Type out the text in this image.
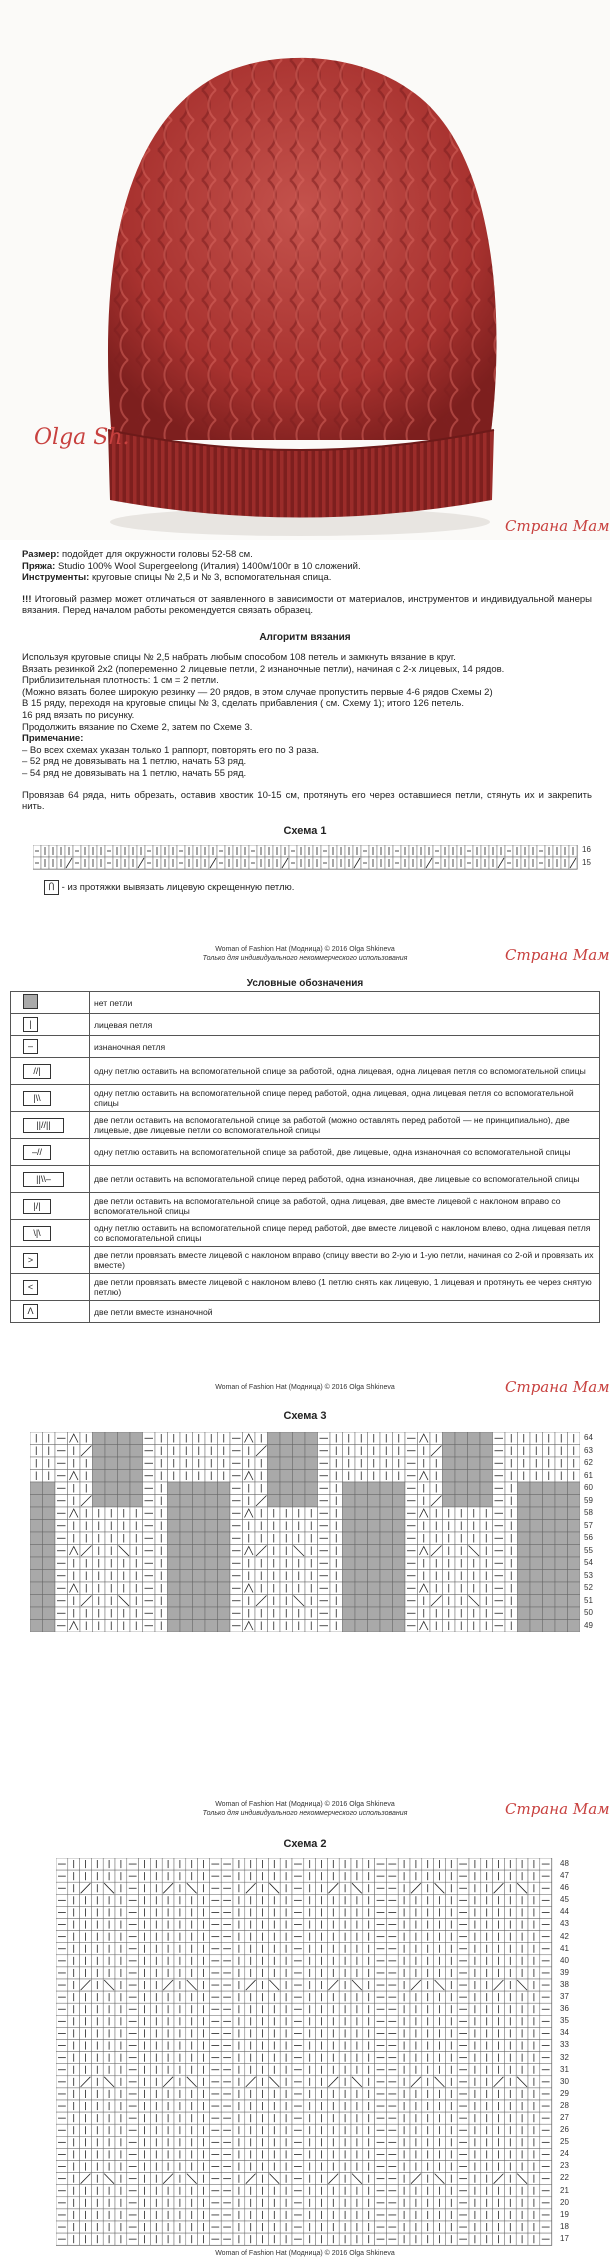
Olga Sh.
Страна Мам
Размер: подойдет для окружности головы 52-58 см.
Пряжа: Studio 100% Wool Supergeelong (Италия) 1400м/100г в 10 сложений.
Инструменты: круговые спицы № 2,5 и № 3, вспомогательная спица.
!!! Итоговый размер может отличаться от заявленного в зависимости от материалов, инструментов и индивидуальной манеры вязания. Перед началом работы рекомендуется связать образец.
Алгоритм вязания
Используя круговые спицы № 2,5 набрать любым способом 108 петель и замкнуть вязание в круг.
Вязать резинкой 2х2 (попеременно 2 лицевые петли, 2 изнаночные петли), начиная с 2-х лицевых, 14 рядов.
Приблизительная плотность: 1 см = 2 петли.
(Можно вязать более широкую резинку — 20 рядов, в этом случае пропустить первые 4-6 рядов Схемы 2)
В 15 ряду, переходя на круговые спицы № 3, сделать прибавления ( см. Схему 1); итого 126 петель.
16 ряд вязать по рисунку.
Продолжить вязание по Схеме 2, затем по Схеме 3.
Примечание:
– Во всех схемах указан только 1 раппорт, повторять его по 3 раза.
– 52 ряд не довязывать на 1 петлю, начать 53 ряд.
– 54 ряд не довязывать на 1 петлю, начать 55 ряд.
Провязав 64 ряда, нить обрезать, оставив хвостик 10-15 см, протянуть его через оставшиеся петли, стянуть их и закрепить нить.
Схема 1
16
15
Ⴖ - из протяжки вывязать лицевую скрещенную петлю.
Woman of Fashion Hat (Модница) © 2016 Olga Shkineva
Только для индивидуального некоммерческого использования	Страна Мам
Условные обозначения
	нет петли
|	лицевая петля
–	изнаночная петля
//|	одну петлю оставить на вспомогательной спице за работой, одна лицевая, одна лицевая петля со вспомогательной спицы
|\\	одну петлю оставить на вспомогательной спице перед работой, одна лицевая, одна лицевая петля со вспомогательной спицы
||//||	две петли оставить на вспомогательной спице за работой (можно оставлять перед работой — не принципиально), две лицевые, две лицевые петли со вспомогательной спицы
–//	одну петлю оставить на вспомогательной спице за работой, две лицевые, одна изнаночная со вспомогательной спицы
||\\–	две петли оставить на вспомогательной спице перед работой, одна изнаночная, две лицевые со вспомогательной спицы
|/|	две петли оставить на вспомогательной спице за работой, одна лицевая, две вместе лицевой с наклоном вправо со вспомогательной спицы
\|\	одну петлю оставить на вспомогательной спице перед работой, две вместе лицевой с наклоном влево, одна лицевая петля со вспомогательной спицы
>	две петли провязать вместе лицевой с наклоном вправо (спицу ввести во 2-ую и 1-ую петли, начиная со 2-ой и провязать их вместе)
<	две петли провязать вместе лицевой с наклоном влево (1 петлю снять как лицевую, 1 лицевая и протянуть ее через снятую петлю)
Λ	две петли вместе изнаночной
Woman of Fashion Hat (Модница) © 2016 Olga Shkineva	Страна Мам
Схема 3
64
63
62
61
60
59
58
57
56
55
54
53
52
51
50
49
Woman of Fashion Hat (Модница) © 2016 Olga Shkineva
Только для индивидуального некоммерческого использования	Страна Мам
Схема 2
48
47
46
45
44
43
42
41
40
39
38
37
36
35
34
33
32
31
30
29
28
27
26
25
24
23
22
21
20
19
18
17
Woman of Fashion Hat (Модница) © 2016 Olga Shkineva
